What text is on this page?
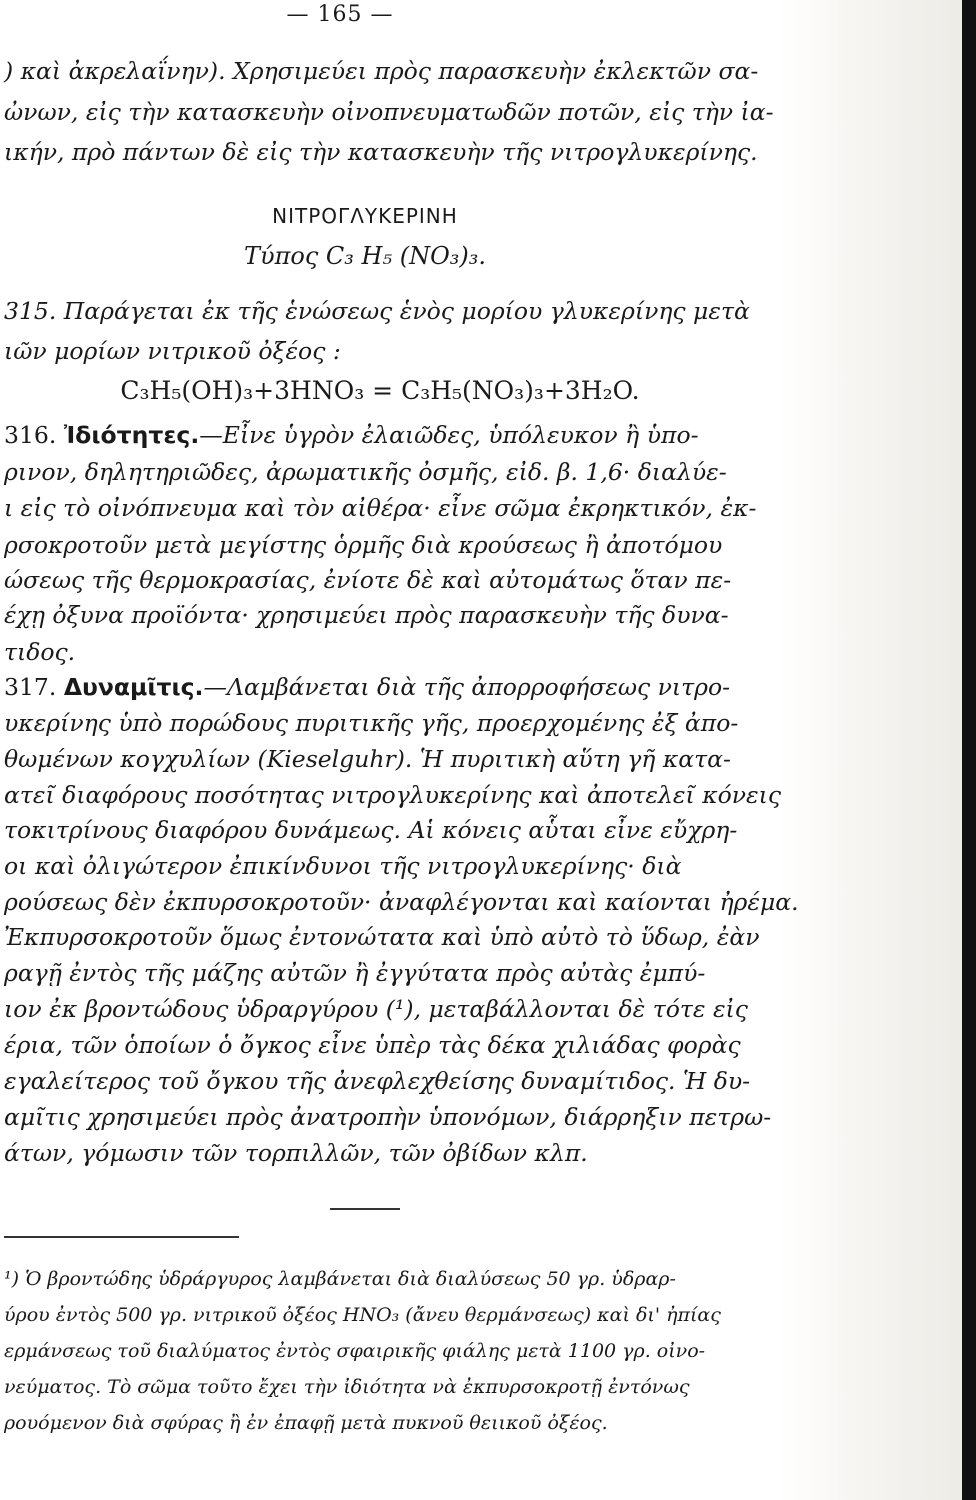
— 165 —
) καὶ ἀκρελαΐνην). Χρησιμεύει πρὸς παρασκευὴν ἐκλεκτῶν σα-
ὠνων, εἰς τὴν κατασκευὴν οἰνοπνευματωδῶν ποτῶν, εἰς τὴν ἰα-
ικήν, πρὸ πάντων δὲ εἰς τὴν κατασκευὴν τῆς νιτρογλυκερίνης.
ΝΙΤΡΟΓΛΥΚΕΡΙΝΗ
Τύπος C₃ H₅ (NO₃)₃.
315. Παράγεται ἐκ τῆς ἑνώσεως ἑνὸς μορίου γλυκερίνης μετὰ
ιῶν μορίων νιτρικοῦ ὀξέος :
C₃H₅(OH)₃+3HNO₃ = C₃H₅(NO₃)₃+3H₂O.
316. Ἰδιότητες.—Εἶνε ὑγρὸν ἐλαιῶδες, ὑπόλευκον ἢ ὑπο-
ρινον, δηλητηριῶδες, ἀρωματικῆς ὀσμῆς, εἰδ. β. 1,6· διαλύε-
ι εἰς τὸ οἰνόπνευμα καὶ τὸν αἰθέρα· εἶνε σῶμα ἐκρηκτικόν, ἐκ-
ρσοκροτοῦν μετὰ μεγίστης ὁρμῆς διὰ κρούσεως ἢ ἀποτόμου
ώσεως τῆς θερμοκρασίας, ἐνίοτε δὲ καὶ αὐτομάτως ὅταν πε-
έχῃ ὀξυνα προϊόντα· χρησιμεύει πρὸς παρασκευὴν τῆς δυνα-
τιδος.
317. Δυναμῖτις.—Λαμβάνεται διὰ τῆς ἀπορροφήσεως νιτρο-
υκερίνης ὑπὸ πορώδους πυριτικῆς γῆς, προερχομένης ἐξ ἀπο-
θωμένων κογχυλίων (Kieselguhr). Ἡ πυριτικὴ αὕτη γῆ κατα-
ατεῖ διαφόρους ποσότητας νιτρογλυκερίνης καὶ ἀποτελεῖ κόνεις
τοκιτρίνους διαφόρου δυνάμεως. Αἱ κόνεις αὗται εἶνε εὔχρη-
οι καὶ ὀλιγώτερον ἐπικίνδυνοι τῆς νιτρογλυκερίνης· διὰ
ρούσεως δὲν ἐκπυρσοκροτοῦν· ἀναφλέγονται καὶ καίονται ἠρέμα.
Ἐκπυρσοκροτοῦν ὅμως ἐντονώτατα καὶ ὑπὸ αὐτὸ τὸ ὕδωρ, ἐὰν
ραγῇ ἐντὸς τῆς μάζης αὐτῶν ἢ ἐγγύτατα πρὸς αὐτὰς ἐμπύ-
ιον ἐκ βροντώδους ὑδραργύρου (¹), μεταβάλλονται δὲ τότε εἰς
έρια, τῶν ὁποίων ὁ ὄγκος εἶνε ὑπὲρ τὰς δέκα χιλιάδας φορὰς
εγαλείτερος τοῦ ὄγκου τῆς ἀνεφλεχθείσης δυναμίτιδος. Ἡ δυ-
αμῖτις χρησιμεύει πρὸς ἀνατροπὴν ὑπονόμων, διάρρηξιν πετρω-
άτων, γόμωσιν τῶν τορπιλλῶν, τῶν ὀβίδων κλπ.
¹) Ὁ βροντώδης ὑδράργυρος λαμβάνεται διὰ διαλύσεως 50 γρ. ὑδραρ-
ύρου ἐντὸς 500 γρ. νιτρικοῦ ὀξέος HNO₃ (ἄνευ θερμάνσεως) καὶ δι' ἠπίας
ερμάνσεως τοῦ διαλύματος ἐντὸς σφαιρικῆς φιάλης μετὰ 1100 γρ. οἰνο-
νεύματος. Τὸ σῶμα τοῦτο ἔχει τὴν ἰδιότητα νὰ ἐκπυρσοκροτῇ ἐντόνως
ρουόμενον διὰ σφύρας ἢ ἐν ἐπαφῇ μετὰ πυκνοῦ θειικοῦ ὀξέος.
